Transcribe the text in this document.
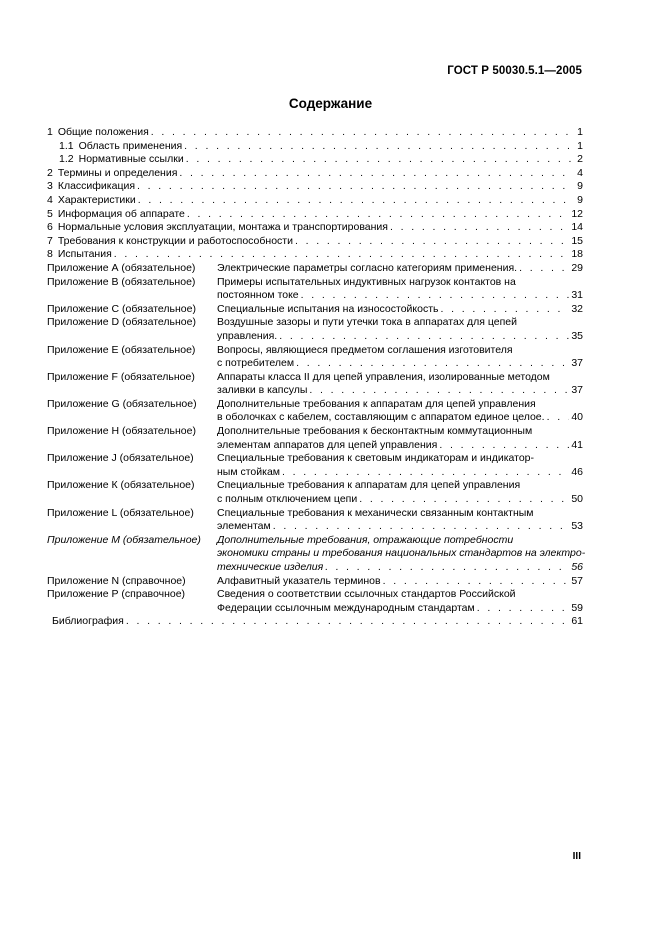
ГОСТ Р 50030.5.1—2005
Содержание
1 Общие положения . . .	1
1.1 Область применения . . .	1
1.2 Нормативные ссылки . . .	2
2 Термины и определения . . .	4
3 Классификация . . .	9
4 Характеристики . . .	9
5 Информация об аппарате . . .	12
6 Нормальные условия эксплуатации, монтажа и транспортирования . . .	14
7 Требования к конструкции и работоспособности . . .	15
8 Испытания . . .	18
Приложение А (обязательное)	Электрические параметры согласно категориям применения. . . .	29
Приложение В (обязательное)	Примеры испытательных индуктивных нагрузок контактов на
постоянном токе . . .	31
Приложение С (обязательное)	Специальные испытания на износостойкость . . .	32
Приложение D (обязательное)	Воздушные зазоры и пути утечки тока в аппаратах для цепей
управления. . . .	35
Приложение Е (обязательное)	Вопросы, являющиеся предметом соглашения изготовителя
с потребителем . . .	37
Приложение F (обязательное)	Аппараты класса II для цепей управления, изолированные методом
заливки в капсулы . . .	37
Приложение G (обязательное)	Дополнительные требования к аппаратам для цепей управления
в оболочках с кабелем, составляющим с аппаратом единое целое. . . .	40
Приложение Н (обязательное)	Дополнительные требования к бесконтактным коммутационным
элементам аппаратов для цепей управления . . .	41
Приложение J (обязательное)	Специальные требования к световым индикаторам и индикатор-
ным стойкам . . .	46
Приложение К (обязательное)	Специальные требования к аппаратам для цепей управления
с полным отключением цепи . . .	50
Приложение L (обязательное)	Специальные требования к механически связанным контактным
элементам . . .	53
Приложение М (обязательное)	Дополнительные требования, отражающие потребности
экономики страны и требования национальных стандартов на электро-
технические изделия . . .	56
Приложение N (справочное)	Алфавитный указатель терминов . . .	57
Приложение Р (справочное)	Сведения о соответствии ссылочных стандартов Российской
Федерации ссылочным международным стандартам . . .	59
Библиография . . .	61
III
